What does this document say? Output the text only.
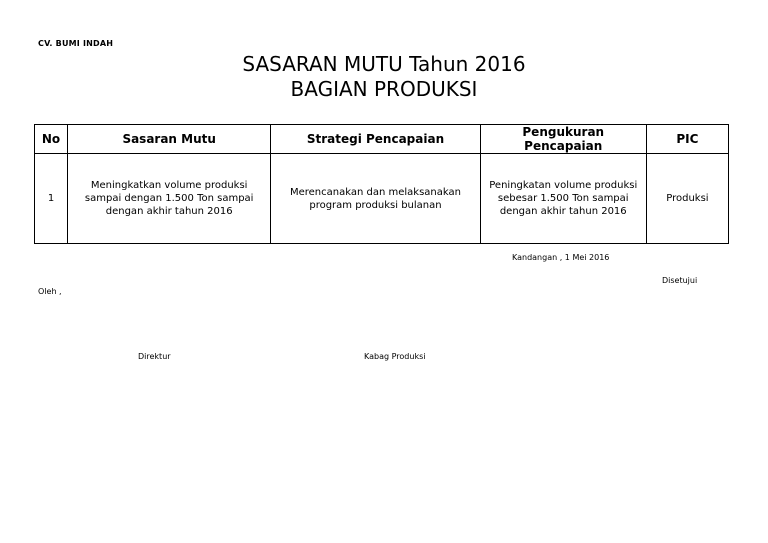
CV. BUMI INDAH
SASARAN MUTU Tahun 2016
BAGIAN PRODUKSI
No	Sasaran Mutu	Strategi Pencapaian	Pengukuran Pencapaian	PIC
1	Meningkatkan volume produksi sampai dengan 1.500 Ton sampai dengan akhir tahun 2016	Merencanakan dan melaksanakan program produksi bulanan	Peningkatan volume produksi sebesar 1.500 Ton sampai dengan akhir tahun 2016	Produksi
Kandangan , 1 Mei 2016
Disetujui
Oleh ,
Direktur	Kabag Produksi
